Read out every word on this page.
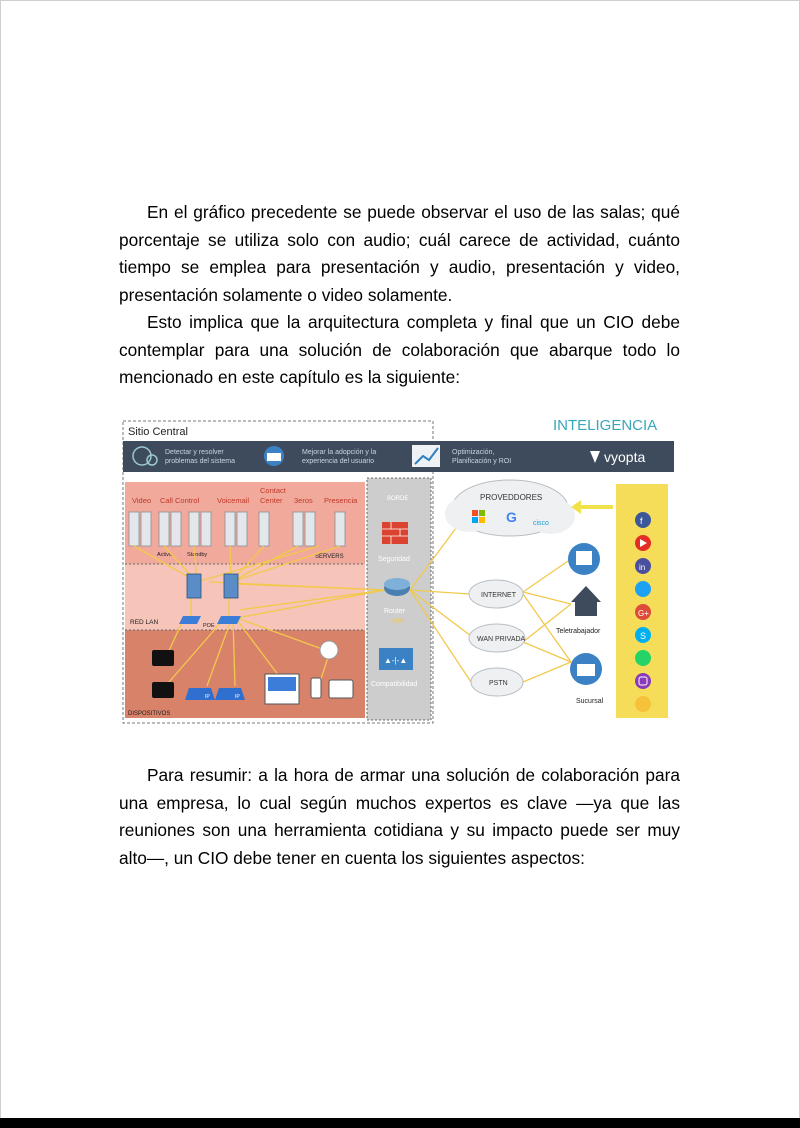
En el gráfico precedente se puede observar el uso de las salas; qué porcentaje se utiliza solo con audio; cuál carece de actividad, cuánto tiempo se emplea para presentación y audio, presentación y video, presentación solamente o video solamente.

Esto implica que la arquitectura completa y final que un CIO debe contemplar para una solución de colaboración que abarque todo lo mencionado en este capítulo es la siguiente:

Sitio Central	INTELIGENCIA
Detectar y resolver
problemas del sistema
Mejorar la adopción y la
experiencia del usuario
Optimización,
Planificación y ROI	vyopta
Video Call Control Voicemail
Contact
Center 3eros Presencia
Activo	Standby	SERVERS
RED LAN	POE
IP	IP
DISPOSITIVOS
BORDE
Seguridad
Router
GW
▲-|-▲
Compatibilidad
PROVEDDORES
G cisco
INTERNET
WAN PRIVADA
PSTN
Teletrabajador
Sucursal
f
in
G+
S

Para resumir: a la hora de armar una solución de colaboración para una empresa, lo cual según muchos expertos es clave —ya que las reuniones son una herramienta cotidiana y su impacto puede ser muy alto—, un CIO debe tener en cuenta los siguientes aspectos:
